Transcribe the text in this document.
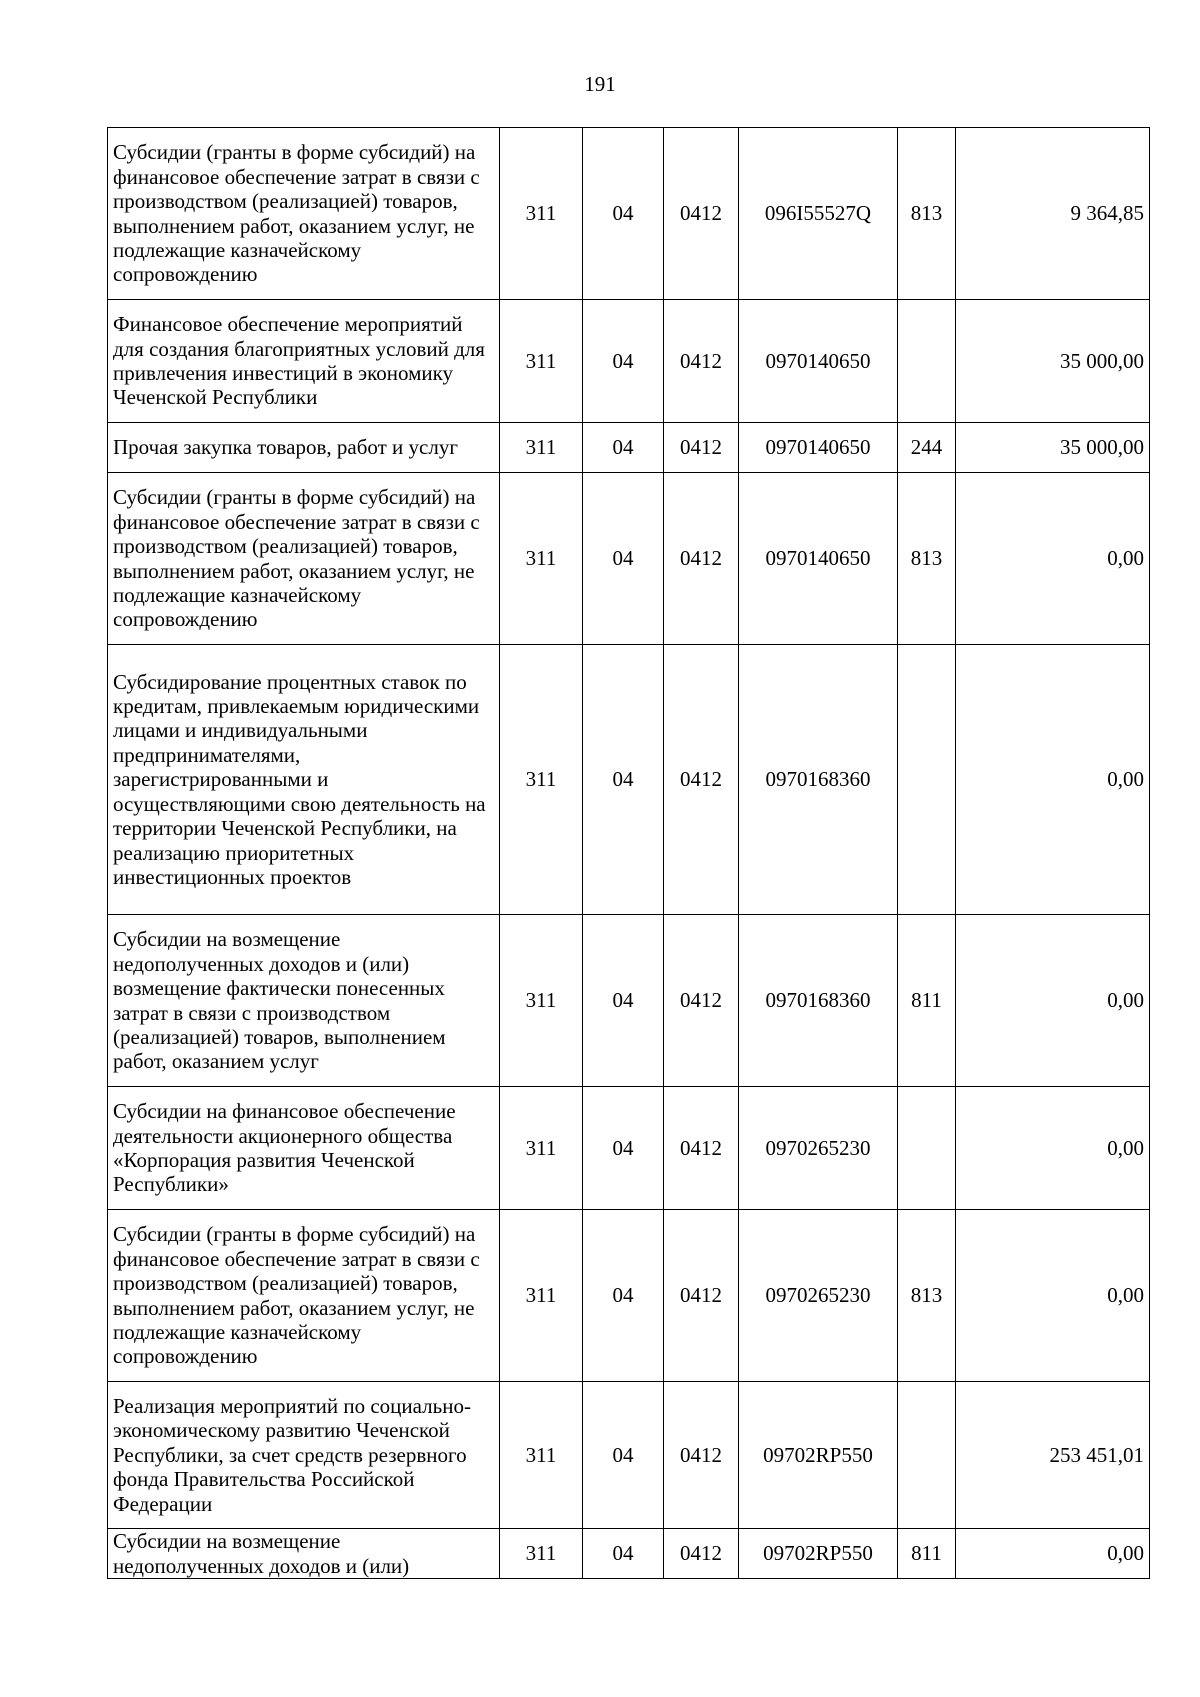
191
Субсидии (гранты в форме субсидий) на финансовое обеспечение затрат в связи с производством (реализацией) товаров, выполнением работ, оказанием услуг, не подлежащие казначейскому сопровождению	311	04	0412	096I55527Q	813	9 364,85
Финансовое обеспечение мероприятий для создания благоприятных условий для привлечения инвестиций в экономику Чеченской Республики	311	04	0412	0970140650		35 000,00
Прочая закупка товаров, работ и услуг	311	04	0412	0970140650	244	35 000,00
Субсидии (гранты в форме субсидий) на финансовое обеспечение затрат в связи с производством (реализацией) товаров, выполнением работ, оказанием услуг, не подлежащие казначейскому сопровождению	311	04	0412	0970140650	813	0,00
Субсидирование процентных ставок по кредитам, привлекаемым юридическими лицами и индивидуальными предпринимателями, зарегистрированными и осуществляющими свою деятельность на территории Чеченской Республики, на реализацию приоритетных инвестиционных проектов	311	04	0412	0970168360		0,00
Субсидии на возмещение недополученных доходов и (или) возмещение фактически понесенных затрат в связи с производством (реализацией) товаров, выполнением работ, оказанием услуг	311	04	0412	0970168360	811	0,00
Субсидии на финансовое обеспечение деятельности акционерного общества «Корпорация развития Чеченской Республики»	311	04	0412	0970265230		0,00
Субсидии (гранты в форме субсидий) на финансовое обеспечение затрат в связи с производством (реализацией) товаров, выполнением работ, оказанием услуг, не подлежащие казначейскому сопровождению	311	04	0412	0970265230	813	0,00
Реализация мероприятий по социально-экономическому развитию Чеченской Республики, за счет средств резервного фонда Правительства Российской Федерации	311	04	0412	09702RP550		253 451,01
Субсидии на возмещение недополученных доходов и (или)	311	04	0412	09702RP550	811	0,00
